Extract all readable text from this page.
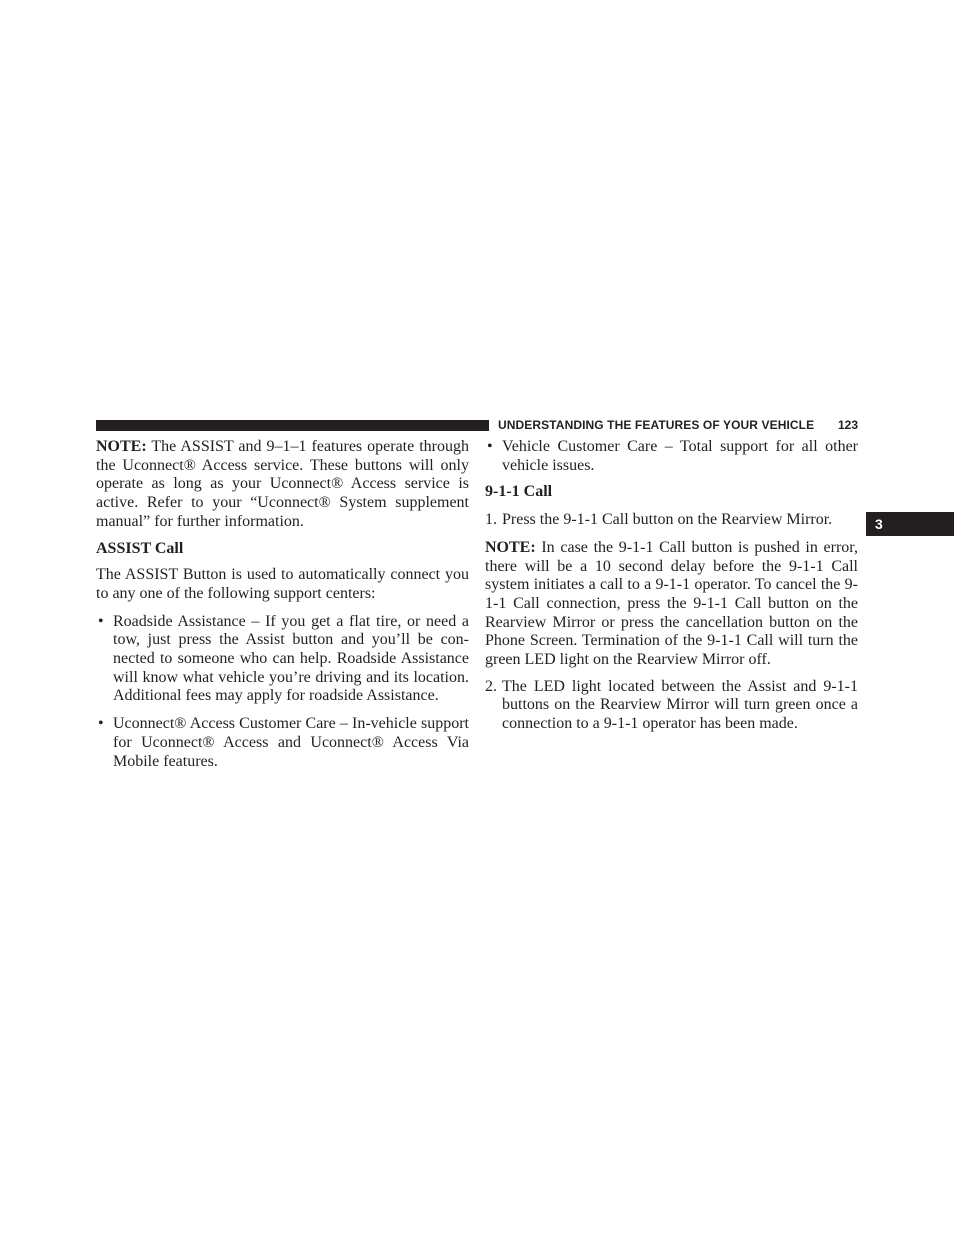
UNDERSTANDING THE FEATURES OF YOUR VEHICLE 123
3

NOTE: The ASSIST and 9–1–1 features operate through the Uconnect® Access service. These buttons will only operate as long as your Uconnect® Access service is active. Refer to your “Uconnect® System supplement manual” for further information.

ASSIST Call

The ASSIST Button is used to automatically connect you to any one of the following support centers:

• Roadside Assistance – If you get a flat tire, or need a tow, just press the Assist button and you’ll be con-nected to someone who can help. Roadside Assistance will know what vehicle you’re driving and its location. Additional fees may apply for roadside Assistance.
• Uconnect® Access Customer Care – In-vehicle support for Uconnect® Access and Uconnect® Access Via Mobile features.
• Vehicle Customer Care – Total support for all other vehicle issues.

9-1-1 Call

1. Press the 9-1-1 Call button on the Rearview Mirror.

NOTE: In case the 9-1-1 Call button is pushed in error, there will be a 10 second delay before the 9-1-1 Call system initiates a call to a 9-1-1 operator. To cancel the 9-1-1 Call connection, press the 9-1-1 Call button on the Rearview Mirror or press the cancellation button on the Phone Screen. Termination of the 9-1-1 Call will turn the green LED light on the Rearview Mirror off.

2. The LED light located between the Assist and 9-1-1 buttons on the Rearview Mirror will turn green once a connection to a 9-1-1 operator has been made.
